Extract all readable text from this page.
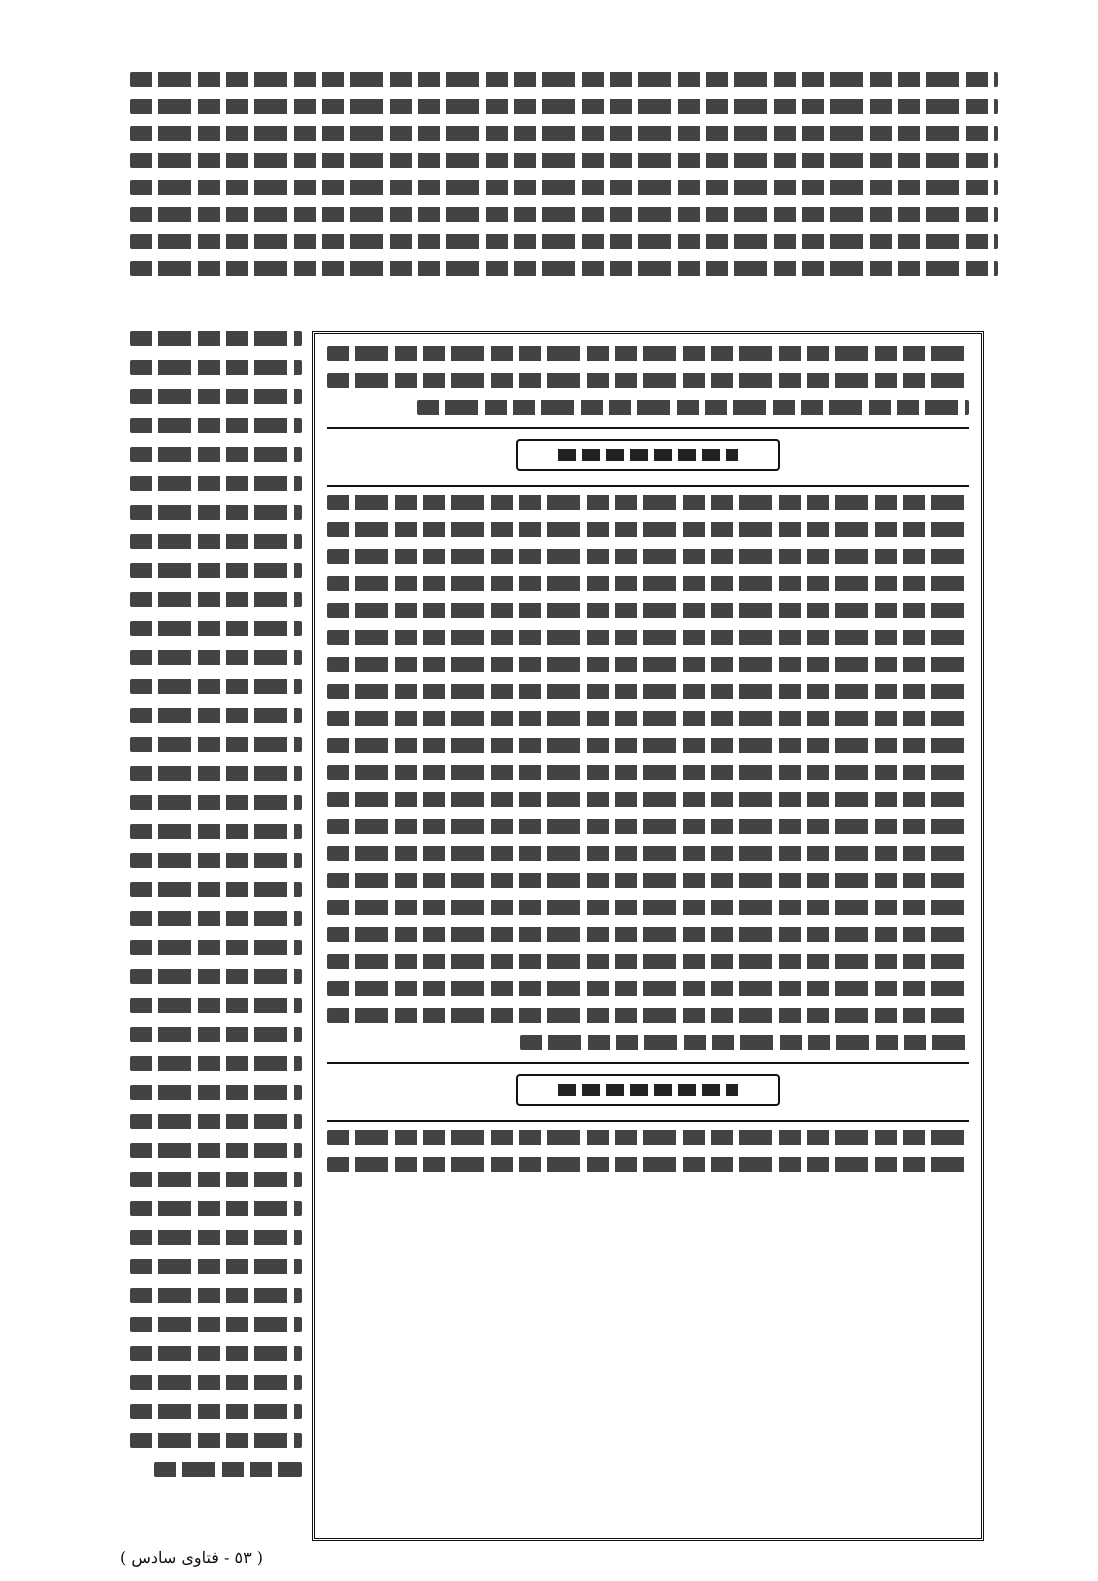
( ٥٣ - فتاوى سادس )
